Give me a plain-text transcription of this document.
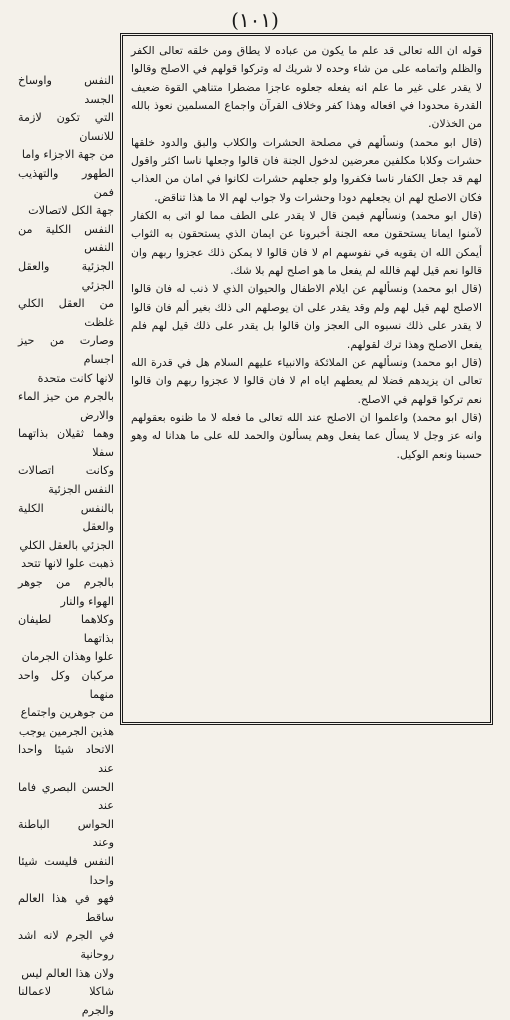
(١٠١)

قوله ان الله تعالى قد علم ما يكون من عباده لا يطاق ومن خلقه تعالى الكفر والظلم واتمامه على من شاء وحده لا شريك له وتركوا قولهم في الاصلح وقالوا لا يقدر على غير ما علم انه يفعله جعلوه عاجزا مضطرا متناهي القوة ضعيف القدرة محدودا في افعاله وهذا كفر وخلاف القرآن واجماع المسلمين نعوذ بالله من الخذلان.

(قال ابو محمد) ونسألهم في مصلحة الحشرات والكلاب والبق والدود خلقها حشرات وكلابا مكلفين معرضين لدخول الجنة فان قالوا وجعلها ناسا اكثر واقول لهم قد جعل الكفار ناسا فكفروا ولو جعلهم حشرات لكانوا في امان من العذاب فكان الاصلح لهم ان يجعلهم دودا وحشرات ولا جواب لهم الا ما هذا تناقض.

(قال ابو محمد) ونسألهم فيمن قال لا يقدر على الطف مما لو اتى به الكفار لآمنوا ايمانا يستحقون معه الجنة أخبرونا عن ايمان الذي يستحقون به الثواب أيمكن الله ان يقويه في نفوسهم ام لا فان قالوا لا يمكن ذلك عجزوا ربهم وان قالوا نعم قيل لهم فالله لم يفعل ما هو اصلح لهم بلا شك.

(قال ابو محمد) ونسألهم عن ايلام الاطفال والحيوان الذي لا ذنب له فان قالوا الاصلح لهم قيل لهم ولم وقد يقدر على ان يوصلهم الى ذلك بغير ألم فان قالوا لا يقدر على ذلك نسبوه الى العجز وان قالوا بل يقدر على ذلك قيل لهم فلم يفعل الاصلح وهذا ترك لقولهم.

(قال ابو محمد) ونسألهم عن الملائكة والانبياء عليهم السلام هل في قدرة الله تعالى ان يزيدهم فضلا لم يعطهم اياه ام لا فان قالوا لا عجزوا ربهم وان قالوا نعم تركوا قولهم في الاصلح.

(قال ابو محمد) واعلموا ان الاصلح عند الله تعالى ما فعله لا ما ظنوه بعقولهم وانه عز وجل لا يسأل عما يفعل وهم يسألون والحمد لله على ما هدانا له وهو حسبنا ونعم الوكيل.

النفس واوساخ الجسد

التي تكون لازمة للانسان

من جهة الاجزاء واما

الطهور والتهذيب فمن

جهة الكل لاتصالات

النفس الكلية من النفس

الجزئية والعقل الجزئي

من العقل الكلي غلظت

وصارت من حيز اجسام

لانها كانت متحدة

بالجرم من حيز الماء والارض

وهما ثقيلان بذاتهما سفلا

وكانت اتصالات النفس الجزئية

بالنفس الكلية والعقل

الجزئي بالعقل الكلي

ذهبت علوا لانها تتحد

بالجرم من جوهر الهواء والنار

وكلاهما لطيفان بذاتهما

علوا وهذان الجرمان

مركبان وكل واحد منهما

من جوهرين واجتماع

هذين الجرمين يوجب

الاتحاد شيئا واحدا عند

الحسن البصري فاما عند

الحواس الباطنة وعند

النفس فليست شيئا واحدا

فهو في هذا العالم ساقط

في الجرم لانه اشد روحانية

ولان هذا العالم ليس

شاكلا لاعمالنا والجرم
